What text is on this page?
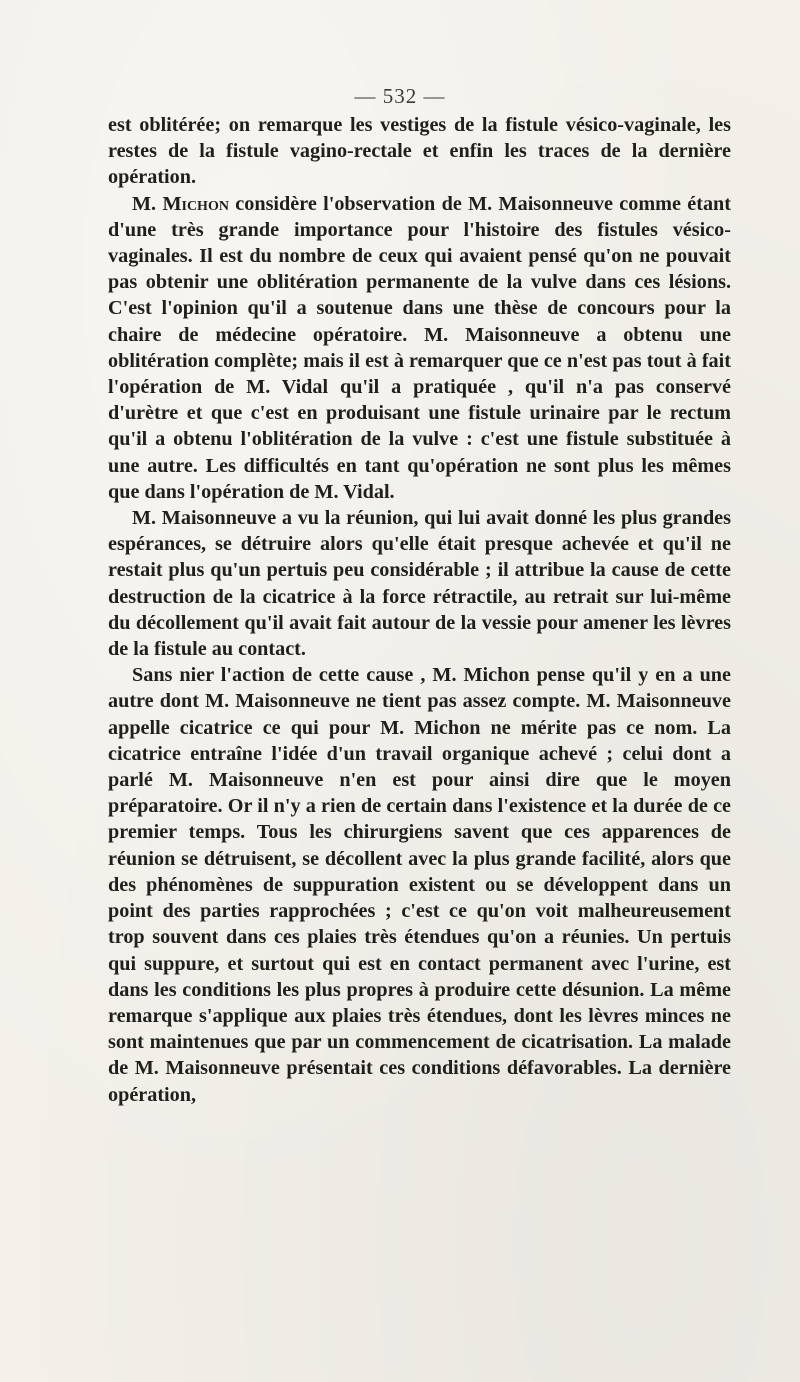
— 532 —

est oblitérée; on remarque les vestiges de la fistule vésico-vaginale, les restes de la fistule vagino-rectale et enfin les traces de la dernière opération.

M. Michon considère l'observation de M. Maisonneuve comme étant d'une très grande importance pour l'histoire des fistules vésico-vaginales. Il est du nombre de ceux qui avaient pensé qu'on ne pouvait pas obtenir une oblitération permanente de la vulve dans ces lésions. C'est l'opinion qu'il a soutenue dans une thèse de concours pour la chaire de médecine opératoire. M. Maisonneuve a obtenu une oblitération complète; mais il est à remarquer que ce n'est pas tout à fait l'opération de M. Vidal qu'il a pratiquée , qu'il n'a pas conservé d'urètre et que c'est en produisant une fistule urinaire par le rectum qu'il a obtenu l'oblitération de la vulve : c'est une fistule substituée à une autre. Les difficultés en tant qu'opération ne sont plus les mêmes que dans l'opération de M. Vidal.

M. Maisonneuve a vu la réunion, qui lui avait donné les plus grandes espérances, se détruire alors qu'elle était presque achevée et qu'il ne restait plus qu'un pertuis peu considérable ; il attribue la cause de cette destruction de la cicatrice à la force rétractile, au retrait sur lui-même du décollement qu'il avait fait autour de la vessie pour amener les lèvres de la fistule au contact.

Sans nier l'action de cette cause , M. Michon pense qu'il y en a une autre dont M. Maisonneuve ne tient pas assez compte. M. Maisonneuve appelle cicatrice ce qui pour M. Michon ne mérite pas ce nom. La cicatrice entraîne l'idée d'un travail organique achevé ; celui dont a parlé M. Maisonneuve n'en est pour ainsi dire que le moyen préparatoire. Or il n'y a rien de certain dans l'existence et la durée de ce premier temps. Tous les chirurgiens savent que ces apparences de réunion se détruisent, se décollent avec la plus grande facilité, alors que des phénomènes de suppuration existent ou se développent dans un point des parties rapprochées ; c'est ce qu'on voit malheureusement trop souvent dans ces plaies très étendues qu'on a réunies. Un pertuis qui suppure, et surtout qui est en contact permanent avec l'urine, est dans les conditions les plus propres à produire cette désunion. La même remarque s'applique aux plaies très étendues, dont les lèvres minces ne sont maintenues que par un commencement de cicatrisation. La malade de M. Maisonneuve présentait ces conditions défavorables. La dernière opération,
